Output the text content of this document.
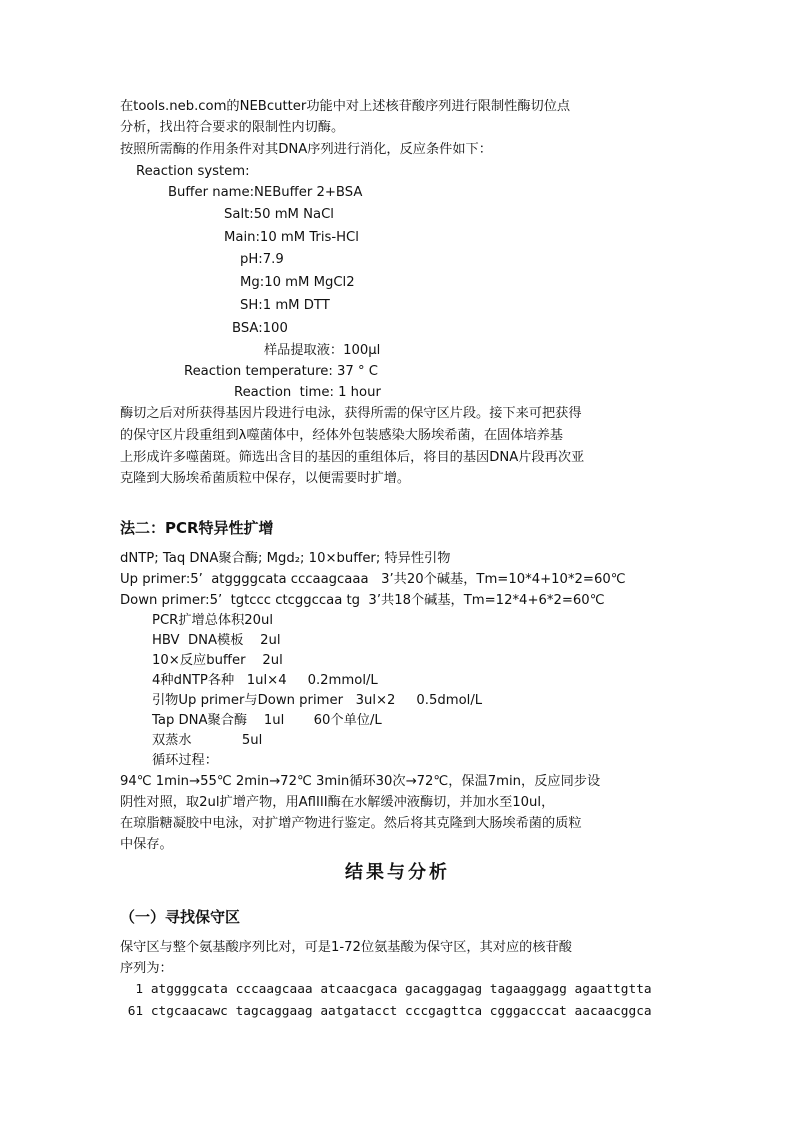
在tools.neb.com的NEBcutter功能中对上述核苷酸序列进行限制性酶切位点
分析，找出符合要求的限制性内切酶。
按照所需酶的作用条件对其DNA序列进行消化，反应条件如下：
Reaction system:
Buffer name:NEBuffer 2+BSA
Salt:50 mM NaCl
Main:10 mM Tris-HCl
pH:7.9
Mg:10 mM MgCl2
SH:1 mM DTT
BSA:100
样品提取液：100μl
Reaction temperature: 37 ° C
Reaction  time: 1 hour
酶切之后对所获得基因片段进行电泳，获得所需的保守区片段。接下来可把获得
的保守区片段重组到λ噬菌体中，经体外包装感染大肠埃希菌，在固体培养基
上形成许多噬菌斑。筛选出含目的基因的重组体后，将目的基因DNA片段再次亚
克隆到大肠埃希菌质粒中保存，以便需要时扩增。
法二：PCR特异性扩增
dNTP; Taq DNA聚合酶; Mgd₂; 10×buffer; 特异性引物
Up primer:5’  atggggcata cccaagcaaa   3’共20个碱基，Tm=10*4+10*2=60℃
Down primer:5’  tgtccc ctcggccaa tg  3’共18个碱基，Tm=12*4+6*2=60℃
PCR扩增总体积20ul
HBV  DNA模板    2ul
10×反应buffer    2ul
4种dNTP各种   1ul×4     0.2mmol/L
引物Up primer与Down primer   3ul×2     0.5dmol/L
Tap DNA聚合酶    1ul       60个单位/L
双蒸水            5ul
循环过程：
94℃ 1min→55℃ 2min→72℃ 3min循环30次→72℃，保温7min，反应同步设
阴性对照，取2ul扩增产物，用AflIII酶在水解缓冲液酶切，并加水至10ul，
在琼脂糖凝胶中电泳，对扩增产物进行鉴定。然后将其克隆到大肠埃希菌的质粒
中保存。
结果与分析
（一）寻找保守区
保守区与整个氨基酸序列比对，可是1-72位氨基酸为保守区，其对应的核苷酸
序列为：
1 atggggcata cccaagcaaa atcaacgaca gacaggagag tagaaggagg agaattgtta
61 ctgcaacawc tagcaggaag aatgatacct cccgagttca cgggacccat aacaacggca
